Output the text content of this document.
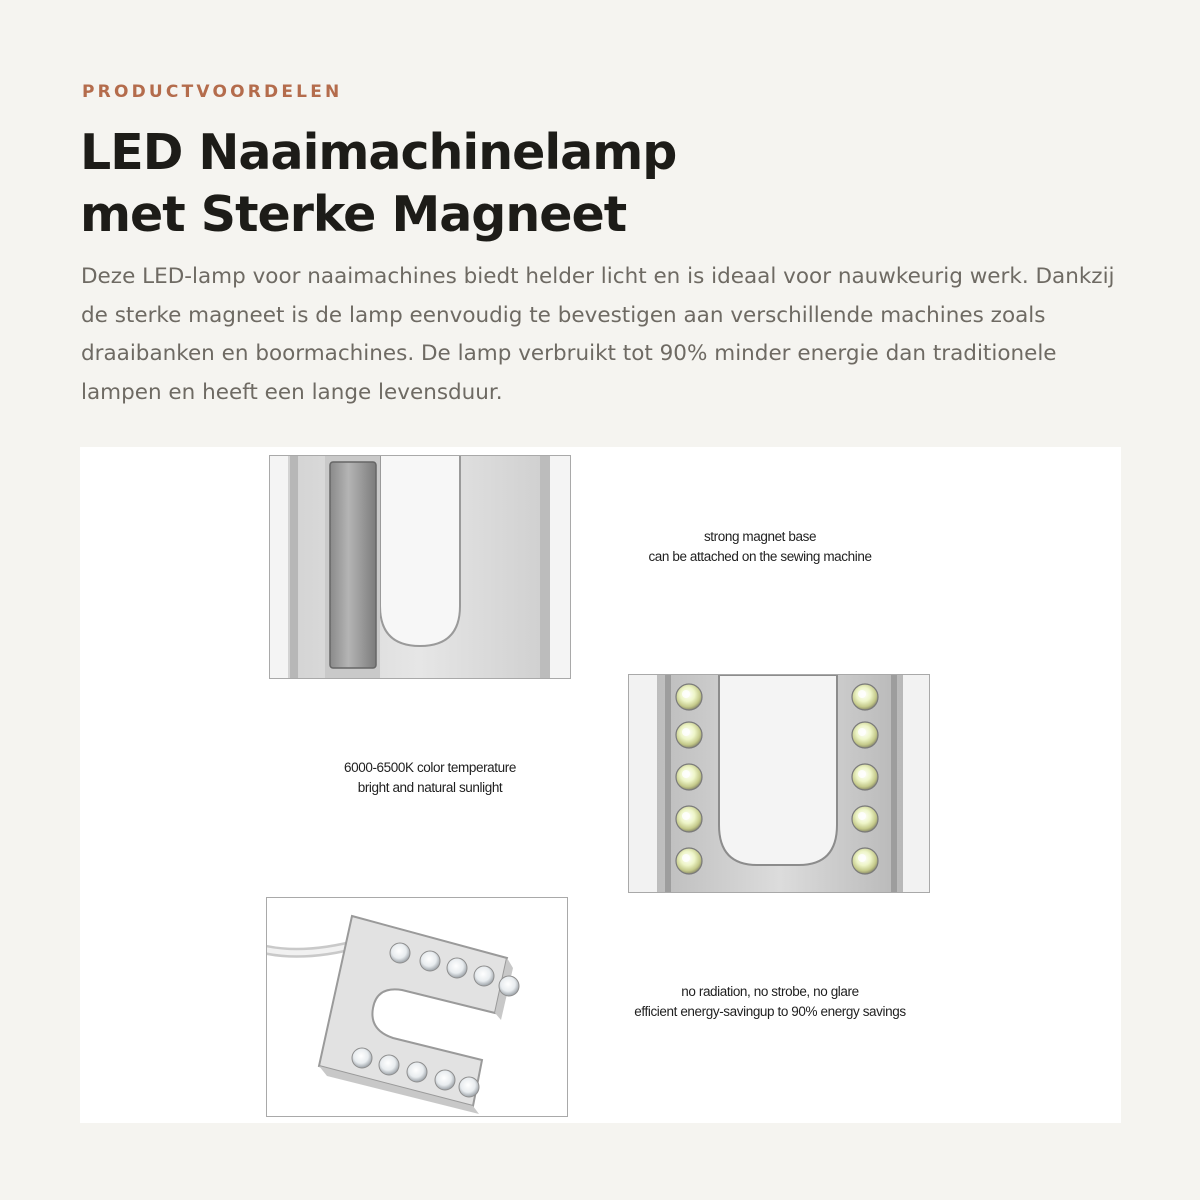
PRODUCTVOORDELEN
LED Naaimachinelamp
met Sterke Magneet

Deze LED-lamp voor naaimachines biedt helder licht en is ideaal voor nauwkeurig werk. Dankzij de sterke magneet is de lamp eenvoudig te bevestigen aan verschillende machines zoals draaibanken en boormachines. De lamp verbruikt tot 90% minder energie dan traditionele lampen en heeft een lange levensduur.

strong magnet base
can be attached on the sewing machine
6000-6500K color temperature
bright and natural sunlight
no radiation, no strobe, no glare
efficient energy-savingup to 90% energy savings
